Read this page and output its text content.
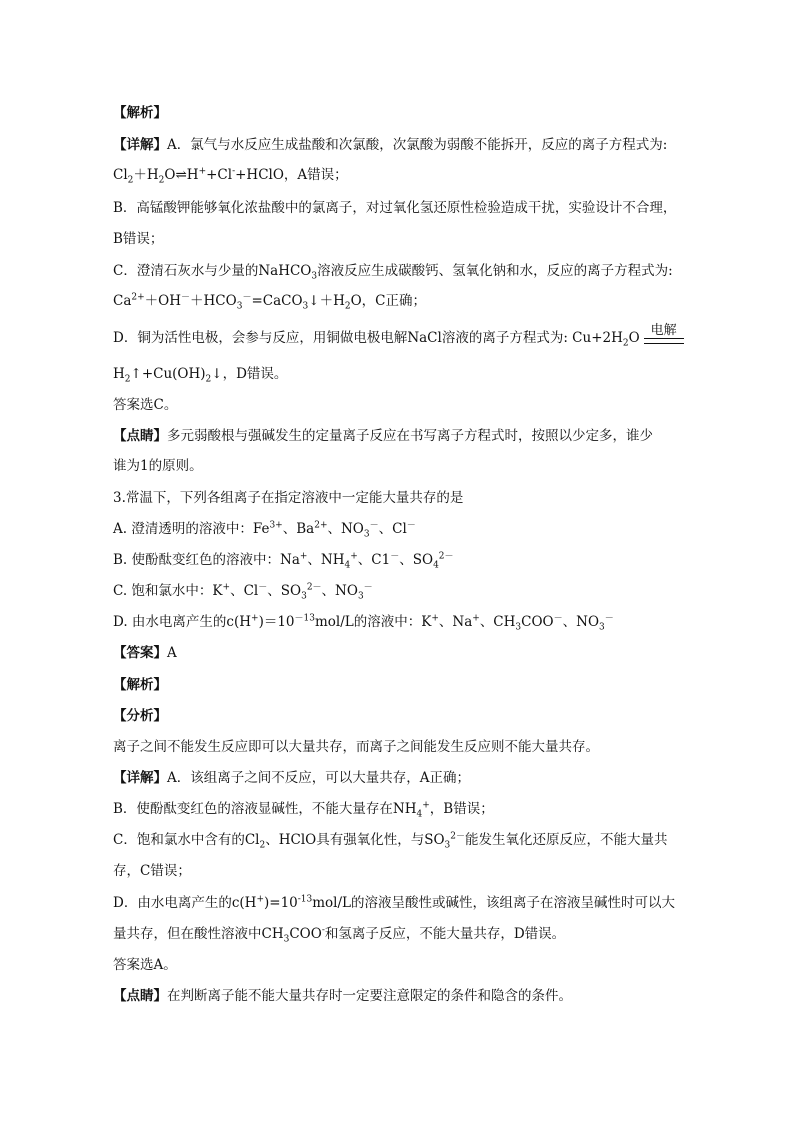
【解析】
【详解】A．氯气与水反应生成盐酸和次氯酸，次氯酸为弱酸不能拆开，反应的离子方程式为:
$Cl_2+H_2O\rightleftharpoons H^++Cl^-+HClO$，A错误；
B．高锰酸钾能够氧化浓盐酸中的氯离子，对过氧化氢还原性检验造成干扰，实验设计不合理，
B错误；
C．澄清石灰水与少量的NaHCO$_3$溶液反应生成碳酸钙、氢氧化钠和水，反应的离子方程式为:
$Ca^{2+}+OH^-+HCO_3^-=CaCO_3↓+H_2O$，C正确；
D．铜为活性电极，会参与反应，用铜做电极电解NaCl溶液的离子方程式为: $Cu+2H_2O$ 电解
$H_2↑+Cu(OH)_2↓$，D错误。
答案选C。
【点睛】多元弱酸根与强碱发生的定量离子反应在书写离子方程式时，按照以少定多，谁少
谁为1的原则。
3.常温下，下列各组离子在指定溶液中一定能大量共存的是
A. 澄清透明的溶液中：$Fe^{3+}$、$Ba^{2+}$、$NO_3^-$、Cl－
B. 使酚酞变红色的溶液中：Na+、$NH_4^+$、C1－、$SO_4^{2-}$
C. 饱和氯水中：K+、Cl－、$SO_3^{2-}$、$NO_3^-$
D. 由水电离产生的$c(H^+)=10^{-13}mol/L$的溶液中：K+、Na+、$CH_3COO^-$、$NO_3^-$
【答案】A
【解析】
【分析】
离子之间不能发生反应即可以大量共存，而离子之间能发生反应则不能大量共存。
【详解】A．该组离子之间不反应，可以大量共存，A正确；
B．使酚酞变红色的溶液显碱性，不能大量存在$NH_4^+$，B错误；
C．饱和氯水中含有的$Cl_2$、HClO具有强氧化性，与$SO_3^{2-}$能发生氧化还原反应，不能大量共
存，C错误；
D．由水电离产生的$c(H^+)=10^{-13}mol/L$的溶液呈酸性或碱性，该组离子在溶液呈碱性时可以大
量共存，但在酸性溶液中$CH_3COO^-$和氢离子反应，不能大量共存，D错误。
答案选A。
【点睛】在判断离子能不能大量共存时一定要注意限定的条件和隐含的条件。
